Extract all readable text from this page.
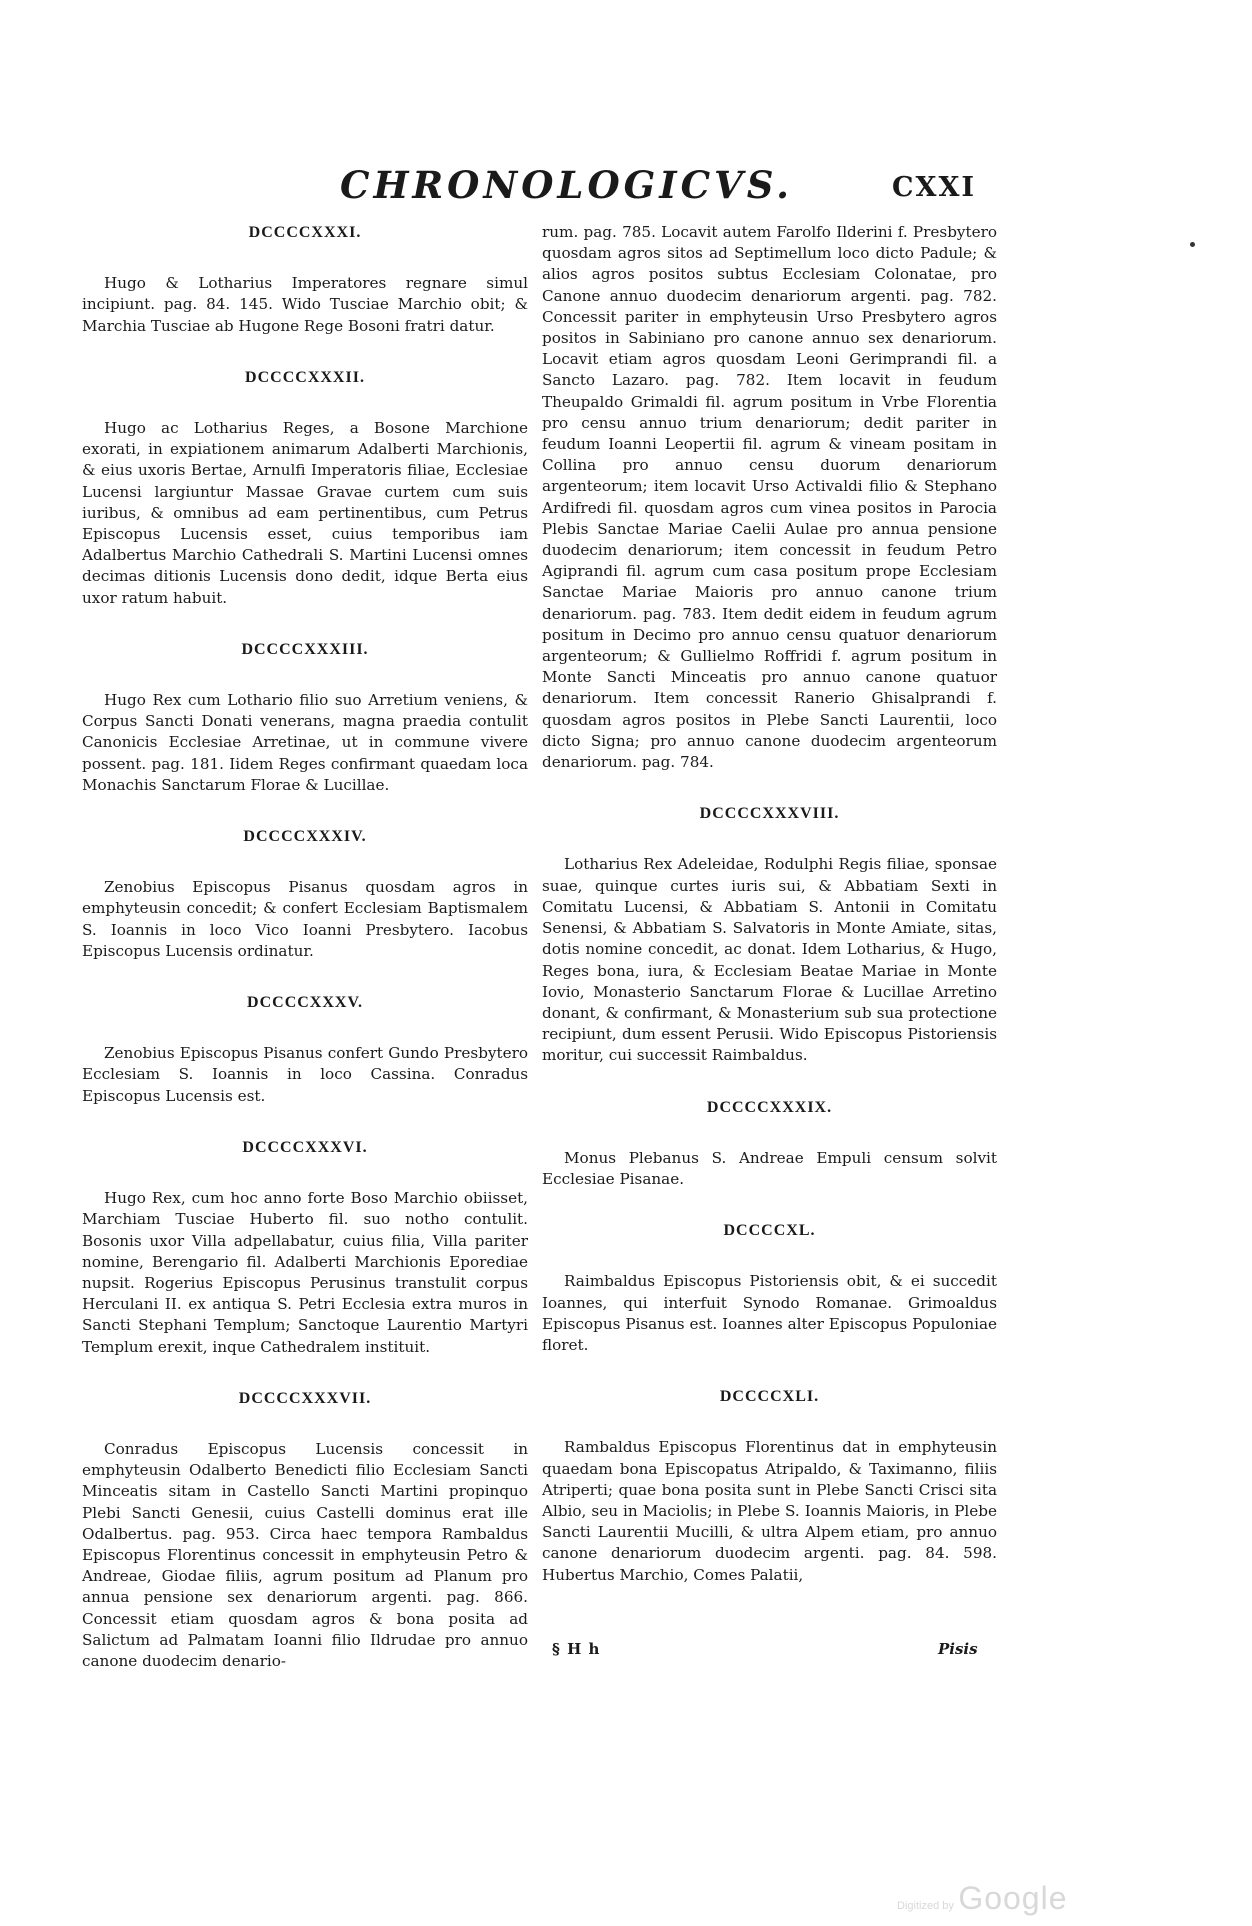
CHRONOLOGICVS.	CXXI
DCCCCXXXI.
Hugo & Lotharius Imperatores regnare simul incipiunt. pag. 84. 145. Wido Tusciae Marchio obit; & Marchia Tusciae ab Hugone Rege Bosoni fratri datur.
DCCCCXXXII.
Hugo ac Lotharius Reges, a Bosone Marchione exorati, in expiationem animarum Adalberti Marchionis, & eius uxoris Bertae, Arnulfi Imperatoris filiae, Ecclesiae Lucensi largiuntur Massae Gravae curtem cum suis iuribus, & omnibus ad eam pertinentibus, cum Petrus Episcopus Lucensis esset, cuius temporibus iam Adalbertus Marchio Cathedrali S. Martini Lucensi omnes decimas ditionis Lucensis dono dedit, idque Berta eius uxor ratum habuit.
DCCCCXXXIII.
Hugo Rex cum Lothario filio suo Arretium veniens, & Corpus Sancti Donati venerans, magna praedia contulit Canonicis Ecclesiae Arretinae, ut in commune vivere possent. pag. 181. Iidem Reges confirmant quaedam loca Monachis Sanctarum Florae & Lucillae.
DCCCCXXXIV.
Zenobius Episcopus Pisanus quosdam agros in emphyteusin concedit; & confert Ecclesiam Baptismalem S. Ioannis in loco Vico Ioanni Presbytero. Iacobus Episcopus Lucensis ordinatur.
DCCCCXXXV.
Zenobius Episcopus Pisanus confert Gundo Presbytero Ecclesiam S. Ioannis in loco Cassina. Conradus Episcopus Lucensis est.
DCCCCXXXVI.
Hugo Rex, cum hoc anno forte Boso Marchio obiisset, Marchiam Tusciae Huberto fil. suo notho contulit. Bosonis uxor Villa adpellabatur, cuius filia, Villa pariter nomine, Berengario fil. Adalberti Marchionis Eporediae nupsit. Rogerius Episcopus Perusinus transtulit corpus Herculani II. ex antiqua S. Petri Ecclesia extra muros in Sancti Stephani Templum; Sanctoque Laurentio Martyri Templum erexit, inque Cathedralem instituit.
DCCCCXXXVII.
Conradus Episcopus Lucensis concessit in emphyteusin Odalberto Benedicti filio Ecclesiam Sancti Minceatis sitam in Castello Sancti Martini propinquo Plebi Sancti Genesii, cuius Castelli dominus erat ille Odalbertus. pag. 953. Circa haec tempora Rambaldus Episcopus Florentinus concessit in emphyteusin Petro & Andreae, Giodae filiis, agrum positum ad Planum pro annua pensione sex denariorum argenti. pag. 866. Concessit etiam quosdam agros & bona posita ad Salictum ad Palmatam Ioanni filio Ildrudae pro annuo canone duodecim denario-
rum. pag. 785. Locavit autem Farolfo Ilderini f. Presbytero quosdam agros sitos ad Septimellum loco dicto Padule; & alios agros positos subtus Ecclesiam Colonatae, pro Canone annuo duodecim denariorum argenti. pag. 782. Concessit pariter in emphyteusin Urso Presbytero agros positos in Sabiniano pro canone annuo sex denariorum. Locavit etiam agros quosdam Leoni Gerimprandi fil. a Sancto Lazaro. pag. 782. Item locavit in feudum Theupaldo Grimaldi fil. agrum positum in Vrbe Florentia pro censu annuo trium denariorum; dedit pariter in feudum Ioanni Leopertii fil. agrum & vineam positam in Collina pro annuo censu duorum denariorum argenteorum; item locavit Urso Activaldi filio & Stephano Ardifredi fil. quosdam agros cum vinea positos in Parocia Plebis Sanctae Mariae Caelii Aulae pro annua pensione duodecim denariorum; item concessit in feudum Petro Agiprandi fil. agrum cum casa positum prope Ecclesiam Sanctae Mariae Maioris pro annuo canone trium denariorum. pag. 783. Item dedit eidem in feudum agrum positum in Decimo pro annuo censu quatuor denariorum argenteorum; & Gullielmo Roffridi f. agrum positum in Monte Sancti Minceatis pro annuo canone quatuor denariorum. Item concessit Ranerio Ghisalprandi f. quosdam agros positos in Plebe Sancti Laurentii, loco dicto Signa; pro annuo canone duodecim argenteorum denariorum. pag. 784.
DCCCCXXXVIII.
Lotharius Rex Adeleidae, Rodulphi Regis filiae, sponsae suae, quinque curtes iuris sui, & Abbatiam Sexti in Comitatu Lucensi, & Abbatiam S. Antonii in Comitatu Senensi, & Abbatiam S. Salvatoris in Monte Amiate, sitas, dotis nomine concedit, ac donat. Idem Lotharius, & Hugo, Reges bona, iura, & Ecclesiam Beatae Mariae in Monte Iovio, Monasterio Sanctarum Florae & Lucillae Arretino donant, & confirmant, & Monasterium sub sua protectione recipiunt, dum essent Perusii. Wido Episcopus Pistoriensis moritur, cui successit Raimbaldus.
DCCCCXXXIX.
Monus Plebanus S. Andreae Empuli censum solvit Ecclesiae Pisanae.
DCCCCXL.
Raimbaldus Episcopus Pistoriensis obit, & ei succedit Ioannes, qui interfuit Synodo Romanae. Grimoaldus Episcopus Pisanus est. Ioannes alter Episcopus Populoniae floret.
DCCCCXLI.
Rambaldus Episcopus Florentinus dat in emphyteusin quaedam bona Episcopatus Atripaldo, & Taximanno, filiis Atriperti; quae bona posita sunt in Plebe Sancti Crisci sita Albio, seu in Maciolis; in Plebe S. Ioannis Maioris, in Plebe Sancti Laurentii Mucilli, & ultra Alpem etiam, pro annuo canone denariorum duodecim argenti. pag. 84. 598. Hubertus Marchio, Comes Palatii,
§ H h	Pisis
Digitized by Google
